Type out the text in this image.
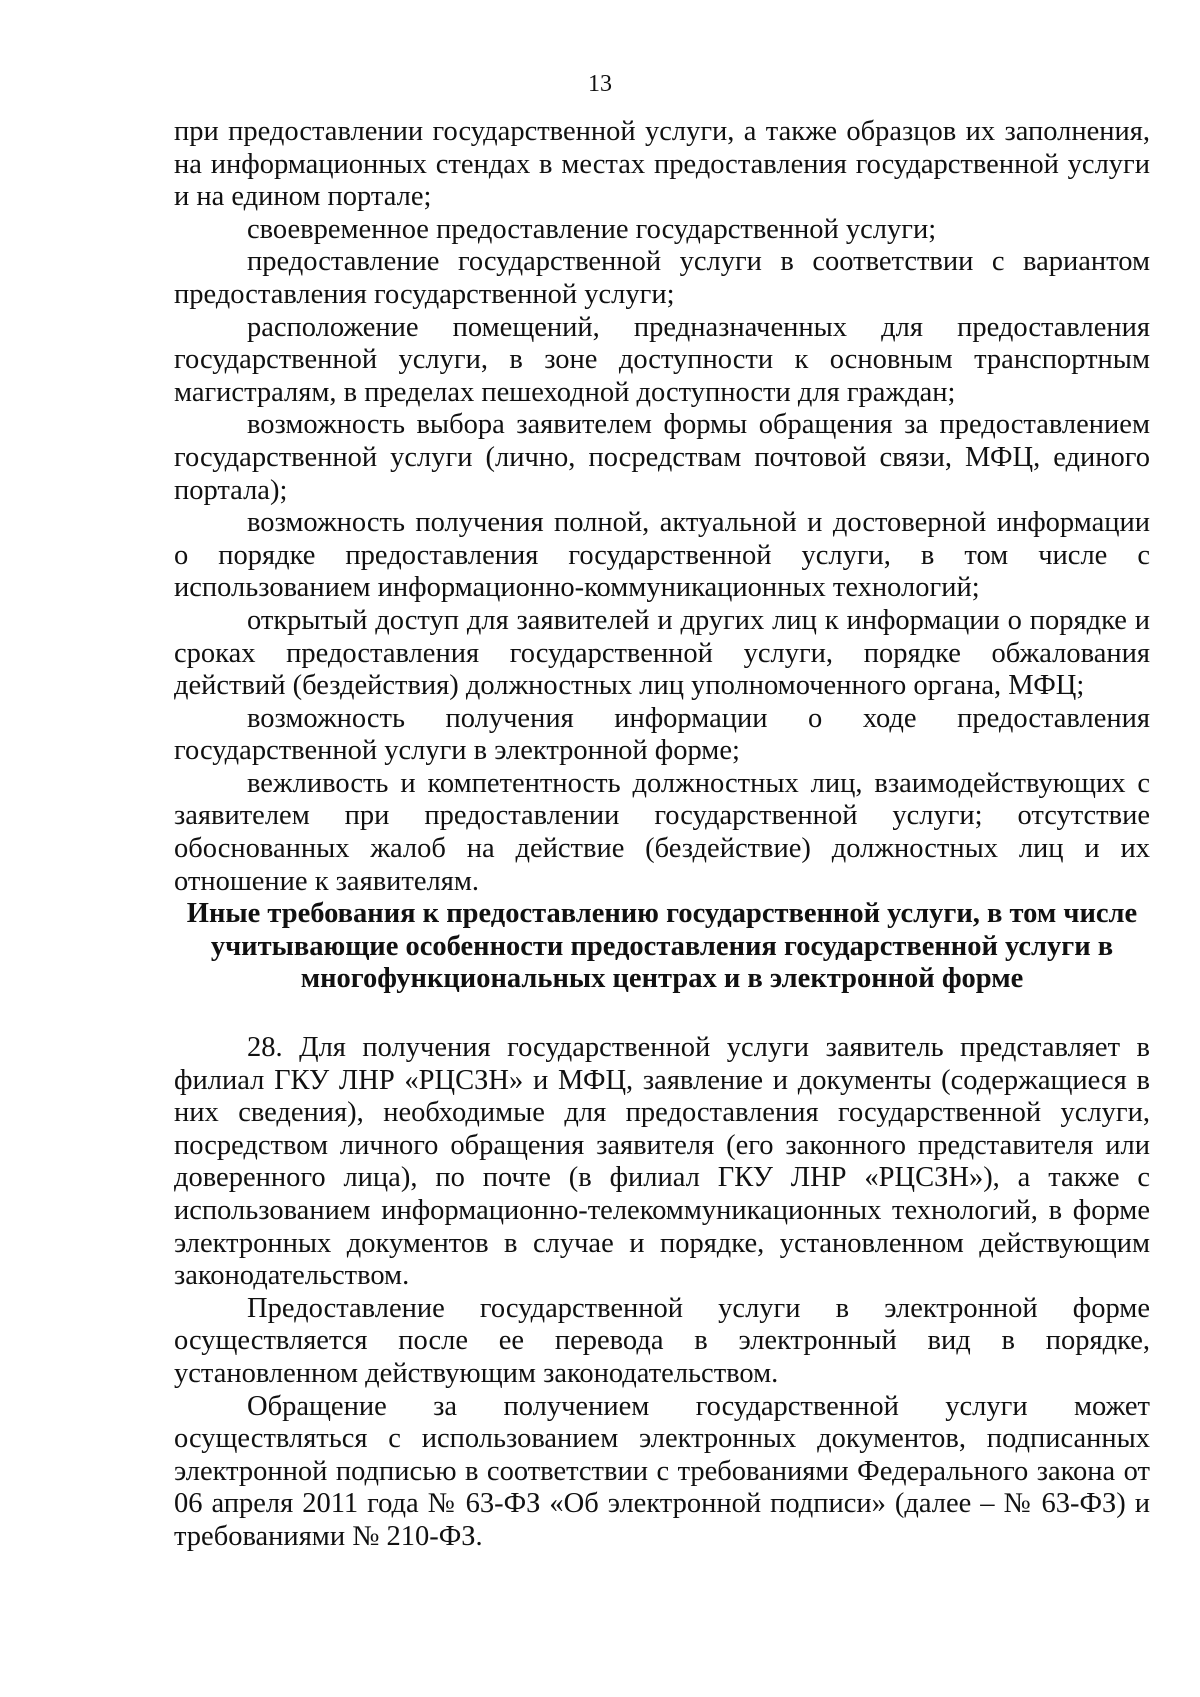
13

при предоставлении государственной услуги, а также образцов их заполнения, на информационных стендах в местах предоставления государственной услуги и на едином портале;

своевременное предоставление государственной услуги;

предоставление государственной услуги в соответствии с вариантом предоставления государственной услуги;

расположение помещений, предназначенных для предоставления государственной услуги, в зоне доступности к основным транспортным магистралям, в пределах пешеходной доступности для граждан;

возможность выбора заявителем формы обращения за предоставлением государственной услуги (лично, посредствам почтовой связи, МФЦ, единого портала);

возможность получения полной, актуальной и достоверной информации о порядке предоставления государственной услуги, в том числе с использованием информационно-коммуникационных технологий;

открытый доступ для заявителей и других лиц к информации о порядке и сроках предоставления государственной услуги, порядке обжалования действий (бездействия) должностных лиц уполномоченного органа, МФЦ;

возможность получения информации о ходе предоставления государственной услуги в электронной форме;

вежливость и компетентность должностных лиц, взаимодействующих с заявителем при предоставлении государственной услуги; отсутствие обоснованных жалоб на действие (бездействие) должностных лиц и их отношение к заявителям.

Иные требования к предоставлению государственной услуги, в том числе учитывающие особенности предоставления государственной услуги в многофункциональных центрах и в электронной форме

28. Для получения государственной услуги заявитель представляет в филиал ГКУ ЛНР «РЦСЗН» и МФЦ, заявление и документы (содержащиеся в них сведения), необходимые для предоставления государственной услуги, посредством личного обращения заявителя (его законного представителя или доверенного лица), по почте (в филиал ГКУ ЛНР «РЦСЗН»), а также с использованием информационно-телекоммуникационных технологий, в форме электронных документов в случае и порядке, установленном действующим законодательством.

Предоставление государственной услуги в электронной форме осуществляется после ее перевода в электронный вид в порядке, установленном действующим законодательством.

Обращение за получением государственной услуги может осуществляться с использованием электронных документов, подписанных электронной подписью в соответствии с требованиями Федерального закона от 06 апреля 2011 года № 63-ФЗ «Об электронной подписи» (далее – № 63-ФЗ) и требованиями № 210-ФЗ.
